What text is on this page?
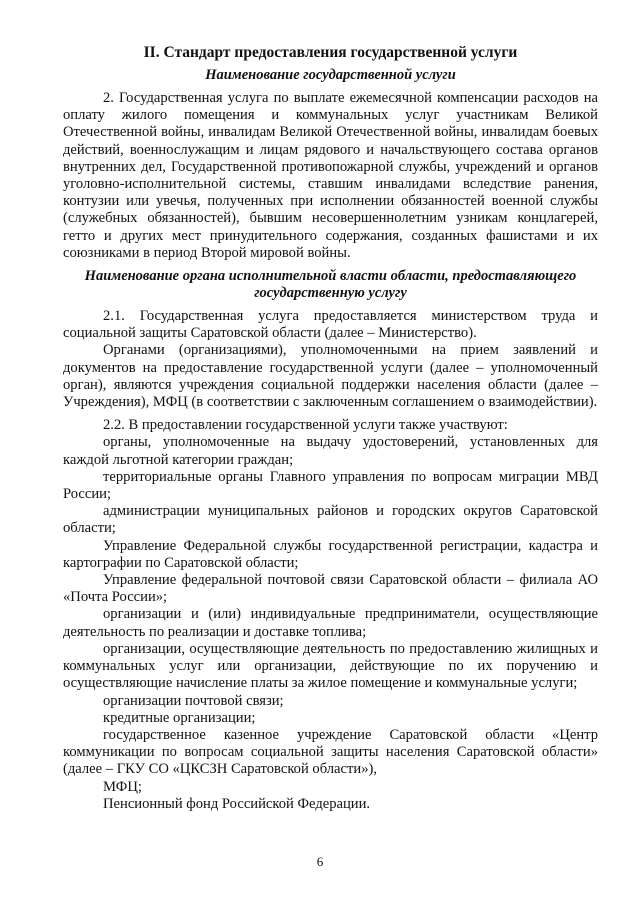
II. Стандарт предоставления государственной услуги
Наименование государственной услуги

2. Государственная услуга по выплате ежемесячной компенсации расходов на оплату жилого помещения и коммунальных услуг участникам Великой Отечественной войны, инвалидам Великой Отечественной войны, инвалидам боевых действий, военнослужащим и лицам рядового и начальствующего состава органов внутренних дел, Государственной противопожарной службы, учреждений и органов уголовно-исполнительной системы, ставшим инвалидами вследствие ранения, контузии или увечья, полученных при исполнении обязанностей военной службы (служебных обязанностей), бывшим несовершеннолетним узникам концлагерей, гетто и других мест принудительного содержания, созданных фашистами и их союзниками в период Второй мировой войны.

Наименование органа исполнительной власти области, предоставляющего государственную услугу

2.1. Государственная услуга предоставляется министерством труда и социальной защиты Саратовской области (далее – Министерство).

Органами (организациями), уполномоченными на прием заявлений и документов на предоставление государственной услуги (далее – уполномоченный орган), являются учреждения социальной поддержки населения области (далее – Учреждения), МФЦ (в соответствии с заключенным соглашением о взаимодействии).

2.2. В предоставлении государственной услуги также участвуют:

органы, уполномоченные на выдачу удостоверений, установленных для каждой льготной категории граждан;

территориальные органы Главного управления по вопросам миграции МВД России;

администрации муниципальных районов и городских округов Саратовской области;

Управление Федеральной службы государственной регистрации, кадастра и картографии по Саратовской области;

Управление федеральной почтовой связи Саратовской области – филиала АО «Почта России»;

организации и (или) индивидуальные предприниматели, осуществляющие деятельность по реализации и доставке топлива;

организации, осуществляющие деятельность по предоставлению жилищных и коммунальных услуг или организации, действующие по их поручению и осуществляющие начисление платы за жилое помещение и коммунальные услуги;

организации почтовой связи;

кредитные организации;

государственное казенное учреждение Саратовской области «Центр коммуникации по вопросам социальной защиты населения Саратовской области» (далее – ГКУ СО «ЦКСЗН Саратовской области»),

МФЦ;

Пенсионный фонд Российской Федерации.

6
